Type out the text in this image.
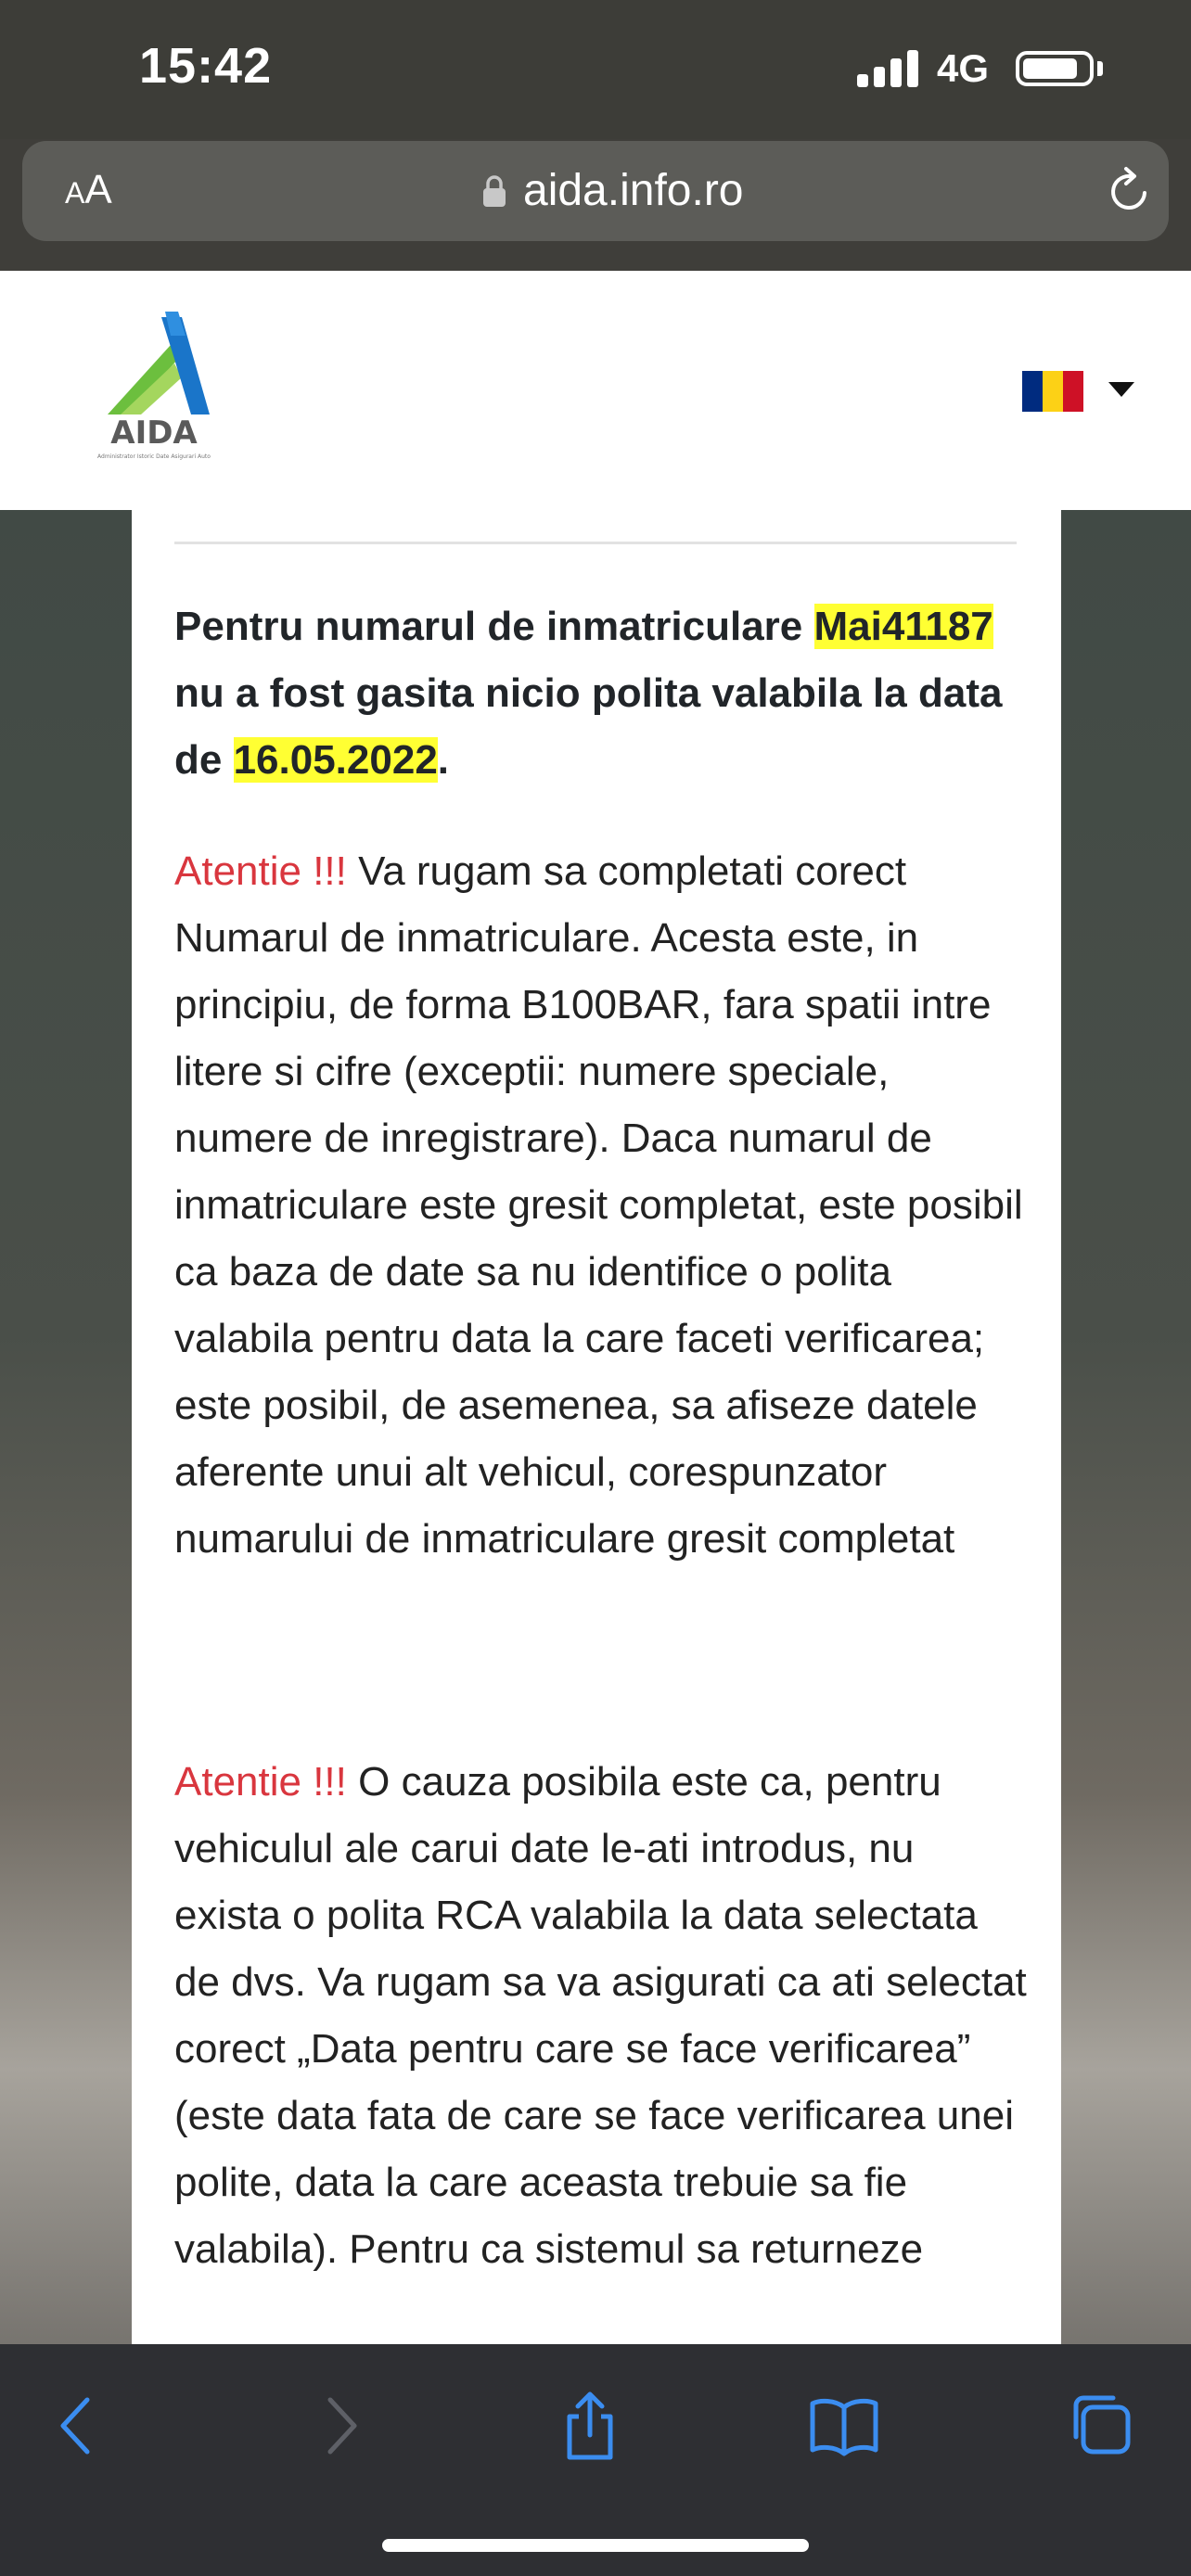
15:42	4G
AA	aida.info.ro
AIDA
Administrator Istoric Date Asigurari Auto

Pentru numarul de inmatriculare Mai41187 nu a fost gasita nicio polita valabila la data de 16.05.2022.

Atentie !!! Va rugam sa completati corect Numarul de inmatriculare. Acesta este, in principiu, de forma B100BAR, fara spatii intre litere si cifre (exceptii: numere speciale, numere de inregistrare). Daca numarul de inmatriculare este gresit completat, este posibil ca baza de date sa nu identifice o polita valabila pentru data la care faceti verificarea; este posibil, de asemenea, sa afiseze datele aferente unui alt vehicul, corespunzator numarului de inmatriculare gresit completat

Atentie !!! O cauza posibila este ca, pentru vehiculul ale carui date le-ati introdus, nu exista o polita RCA valabila la data selectata de dvs. Va rugam sa va asigurati ca ati selectat corect „Data pentru care se face verificarea” (este data fata de care se face verificarea unei polite, data la care aceasta trebuie sa fie valabila). Pentru ca sistemul sa returneze
